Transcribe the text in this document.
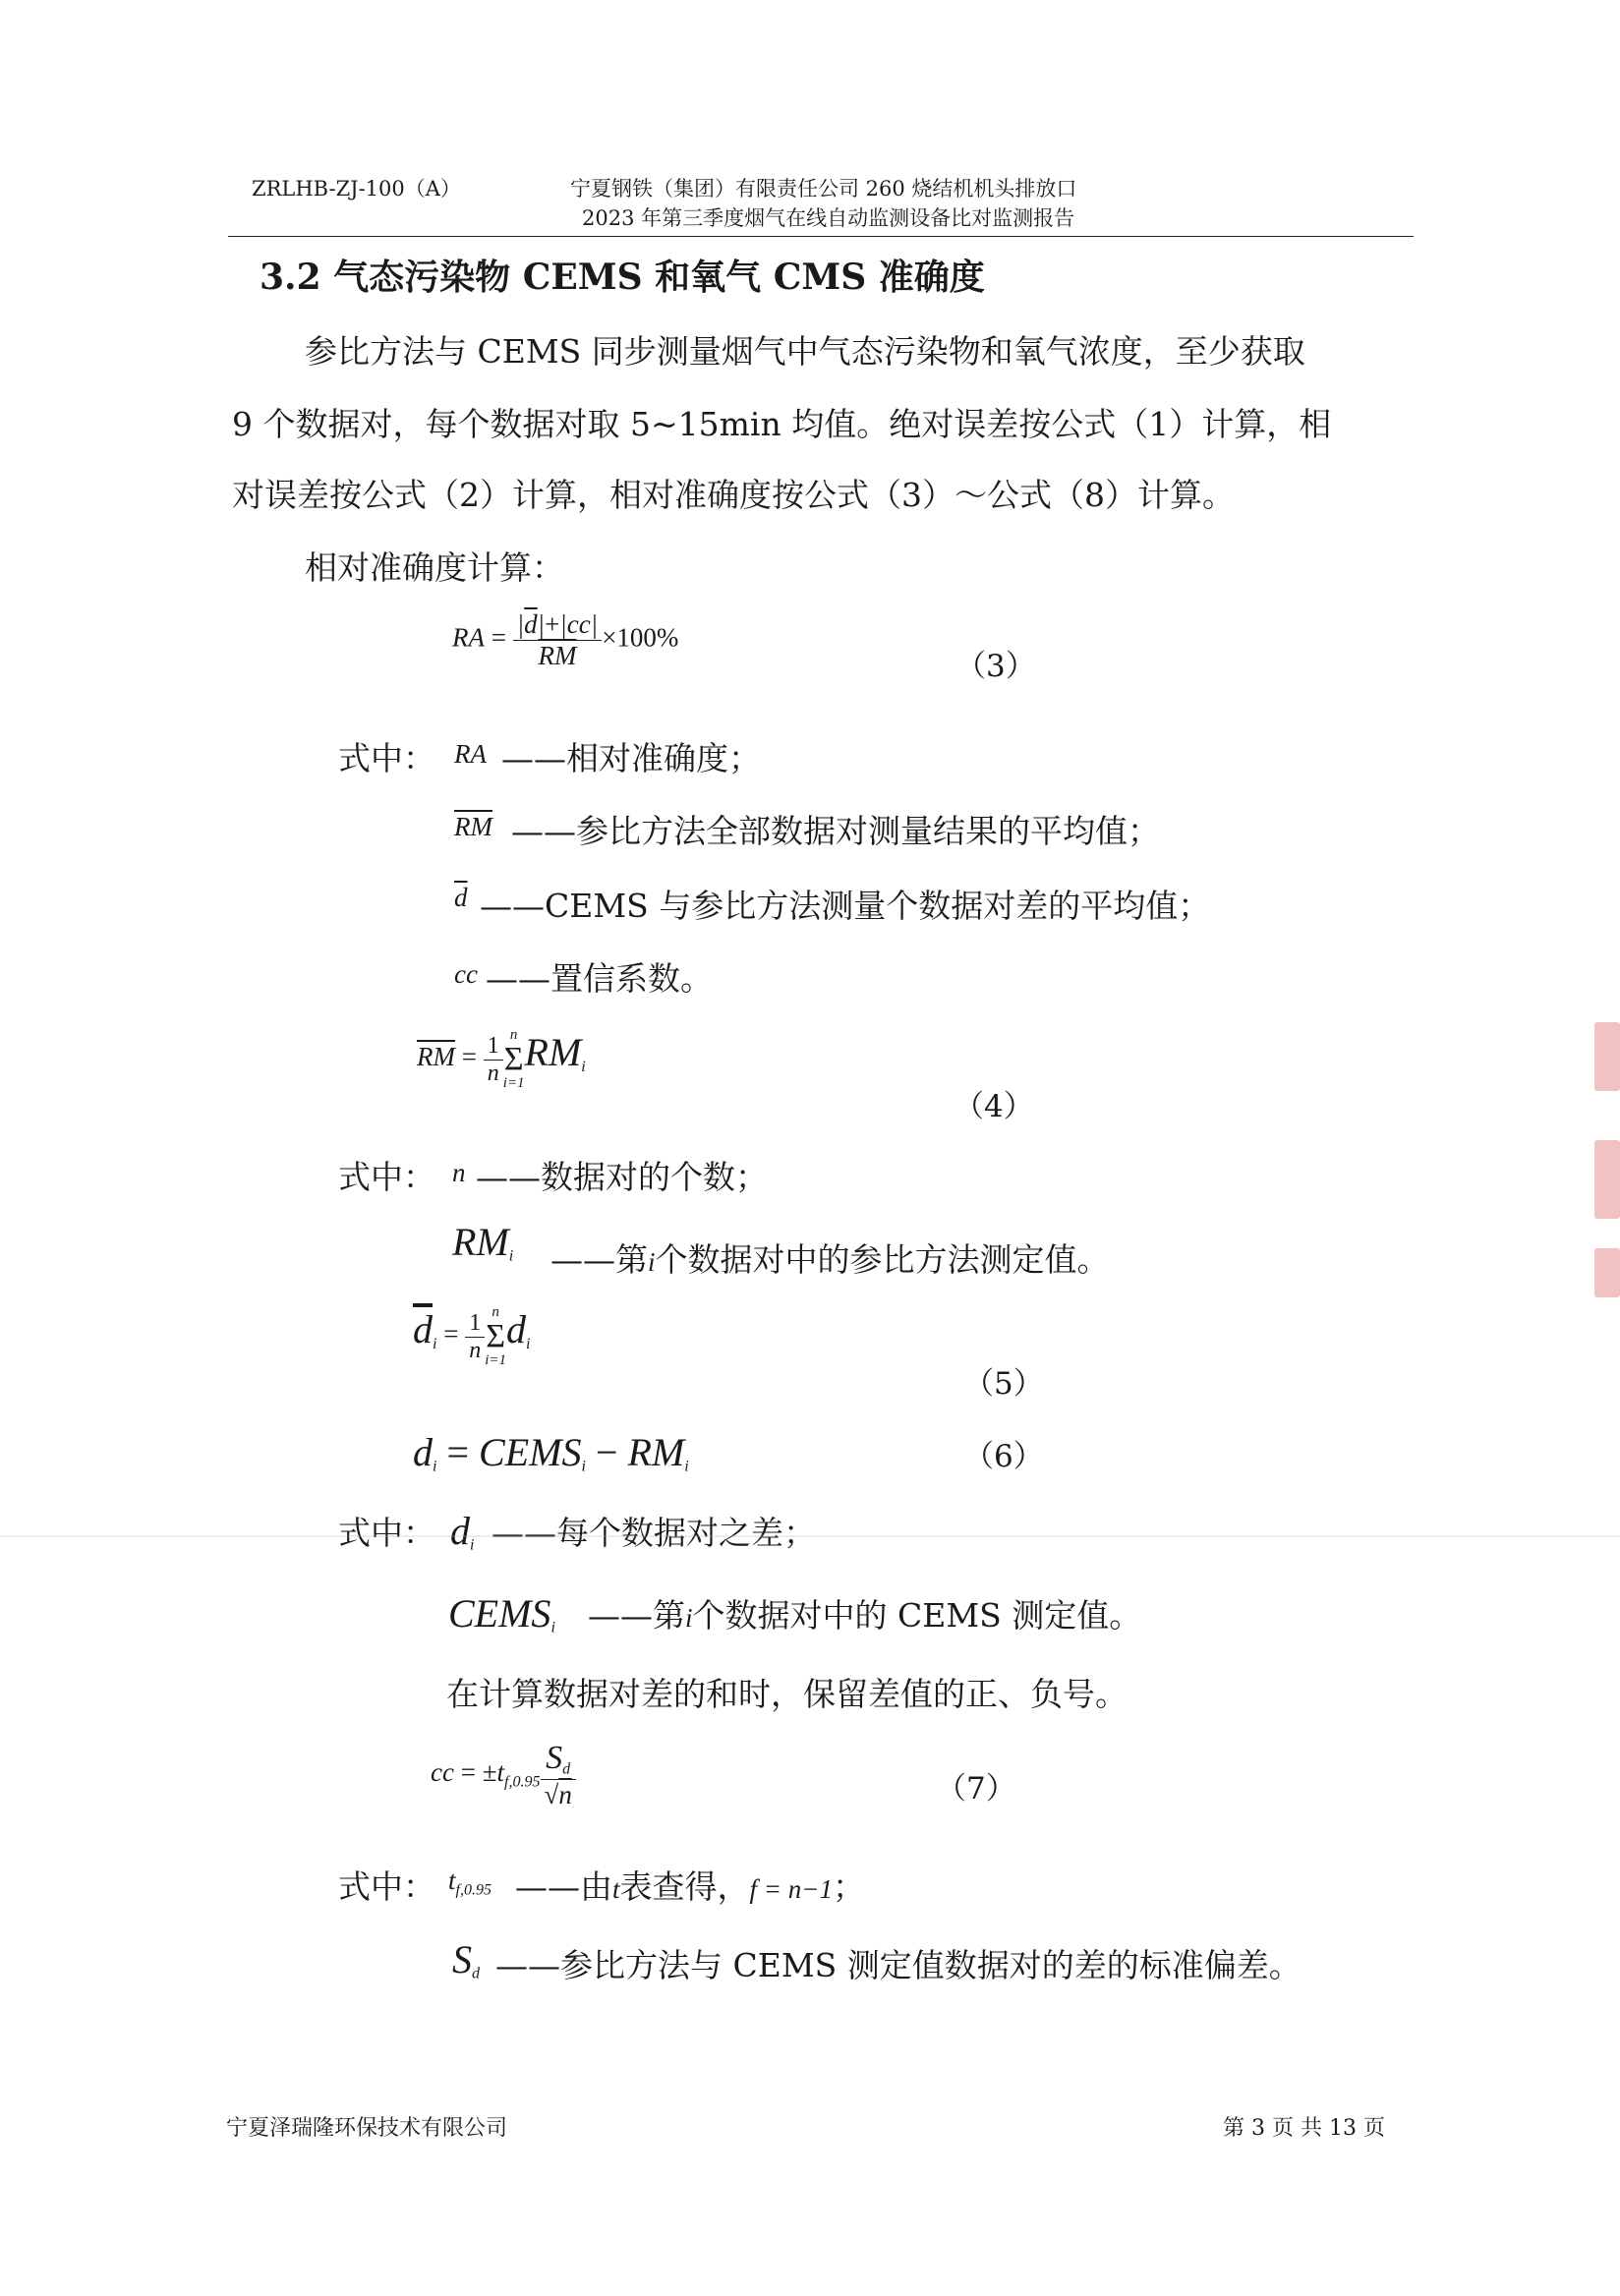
ZRLHB-ZJ-100（A）	宁夏钢铁（集团）有限责任公司 260 烧结机机头排放口
2023 年第三季度烟气在线自动监测设备比对监测报告
3.2 气态污染物 CEMS 和氧气 CMS 准确度
参比方法与 CEMS 同步测量烟气中气态污染物和氧气浓度，至少获取
9 个数据对，每个数据对取 5~15min 均值。绝对误差按公式（1）计算，相
对误差按公式（2）计算，相对准确度按公式（3）～公式（8）计算。
相对准确度计算：
RA = $\frac{|\overline{d}|+|cc|}{RM} \times 100\%$
（3）
式中： RA ——相对准确度；
$\overline{RM}$ ——参比方法全部数据对测量结果的平均值；
$\overline{d}$ ——CEMS 与参比方法测量个数据对差的平均值；
cc ——置信系数。
$\overline{RM} = \frac{1}{n}$ n
Σ
i=1
$RM_i$
（4）
式中： n ——数据对的个数；
$RM_i$ ——第i个数据对中的参比方法测定值。
$\overline{d}_i = \frac{1}{n}$ n
Σ
i=1
$d_i$
（5）
$d_i$ = $CEMS_i - RM_i$	（6）
式中： $d_i$ ——每个数据对之差；
$CEMS_i$ ——第i个数据对中的 CEMS 测定值。
在计算数据对差的和时，保留差值的正、负号。
cc = $\pm t_{f,0.95} \frac{S_d}{√n}$	（7）
式中： $t_{f,0.95}$ ——由t表查得，f = n−1；
$S_d$ ——参比方法与 CEMS 测定值数据对的差的标准偏差。
宁夏泽瑞隆环保技术有限公司	第 3 页 共 13 页
